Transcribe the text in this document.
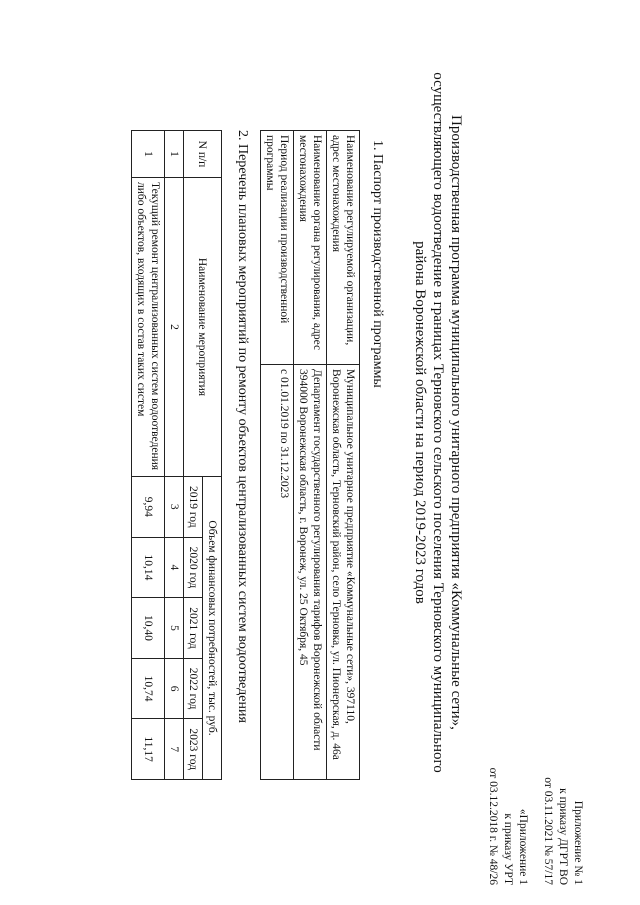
Приложение № 1
к приказу ДГРТ ВО
от 03.11.2021 № 57/17
«Приложение 1
к приказу УРТ
от 03.12.2018 г. № 48/26
Производственная программа муниципального унитарного предприятия «Коммунальные сети»,
осуществляющего водоотведение в границах Терновского сельского поселения Терновского муниципального
района Воронежской области на период 2019-2023 годов
1. Паспорт производственной программы
Наименование регулируемой организации, адрес местонахождения	Муниципальное унитарное предприятие «Коммунальные сети», 397110, Воронежская область, Терновский район, село Терновка, ул. Пионерская, д. 46а
Наименование органа регулирования, адрес местонахождения	Департамент государственного регулирования тарифов Воронежской области 394000 Воронежская область, г. Воронеж, ул. 25 Октября, 45
Период реализации производственной программы	с 01.01.2019 по 31.12.2023
2. Перечень плановых мероприятий по ремонту объектов централизованных систем водоотведения
N п/п	Наименование мероприятия	Объем финансовых потребностей, тыс. руб.				
		2019 год	2020 год	2021 год	2022 год	2023 год
1	2	3	4	5	6	7
1	Текущий ремонт централизованных систем водоотведения либо объектов, входящих в состав таких систем	9,94	10,14	10,40	10,74	11,17
